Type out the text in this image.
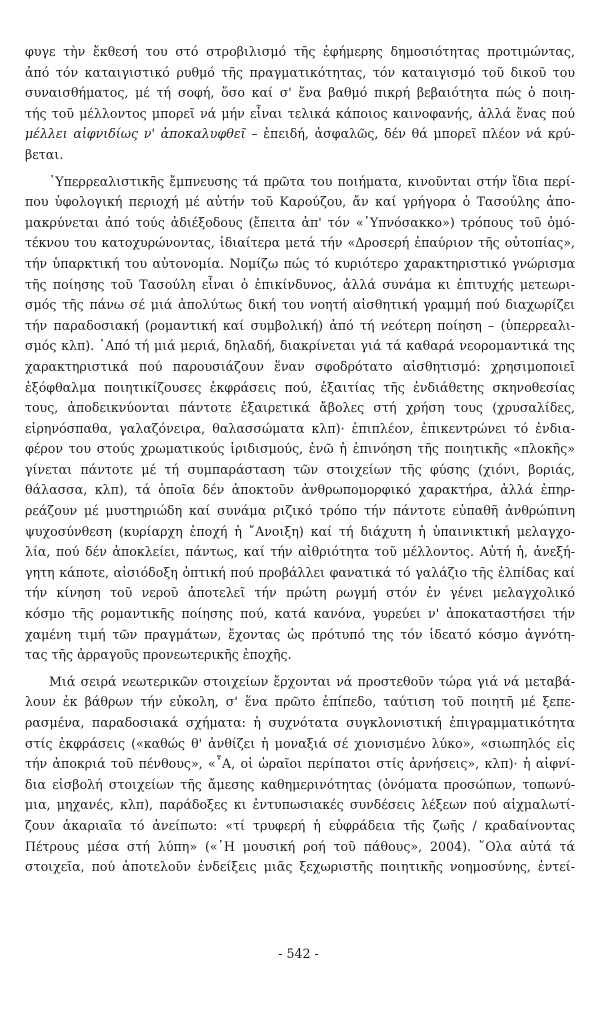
φυγε τὴν ἔκθεσή του στό στροβιλισμό τῆς ἐφήμερης δημοσιότητας προτιμώντας,
ἀπό τόν καταιγιστικό ρυθμό τῆς πραγματικότητας, τόν καταιγισμό τοῦ δικοῦ του
συναισθήματος, μέ τή σοφή, ὅσο καί σ' ἕνα βαθμό πικρή βεβαιότητα πώς ὁ ποιη-
τής τοῦ μέλλοντος μπορεῖ νά μήν εἶναι τελικά κάποιος καινοφανής, ἀλλά ἕνας πού
μέλλει αἰφνιδίως ν' ἀποκαλυφθεῖ – ἐπειδή, ἀσφαλῶς, δέν θά μπορεῖ πλέον νά κρύ-
βεται.
῾Υπερρεαλιστικῆς ἔμπνευσης τά πρῶτα του ποιήματα, κινοῦνται στήν ἴδια περί-
που ὑφολογική περιοχή μέ αὐτήν τοῦ Καρούζου, ἄν καί γρήγορα ὁ Τασούλης ἀπο-
μακρύνεται ἀπό τούς ἀδιέξοδους (ἔπειτα ἀπ' τόν «῾Υπνόσακκο») τρόπους τοῦ ὁμό-
τέκνου του κατοχυρώνοντας, ἰδιαίτερα μετά τήν «Δροσερή ἐπαύριον τῆς οὐτοπίας»,
τήν ὑπαρκτική του αὐτονομία. Νομίζω πώς τό κυριότερο χαρακτηριστικό γνώρισμα
τῆς ποίησης τοῦ Τασούλη εἶναι ὁ ἐπικίνδυνος, ἀλλά συνάμα κι ἐπιτυχής μετεωρι-
σμός τῆς πάνω σέ μιά ἀπολύτως δική του νοητή αἰσθητική γραμμή πού διαχωρίζει
τήν παραδοσιακή (ρομαντική καί συμβολική) ἀπό τή νεότερη ποίηση – (ὑπερρεαλι-
σμός κλπ). ῾Από τή μιά μεριά, δηλαδή, διακρίνεται γιά τά καθαρά νεορομαντικά της
χαρακτηριστικά πού παρουσιάζουν ἕναν σφοδρότατο αἰσθητισμό: χρησιμοποιεῖ
ἐξόφθαλμα ποιητικίζουσες ἐκφράσεις πού, ἐξαιτίας τῆς ἐνδιάθετης σκηνοθεσίας
τους, ἀποδεικνύονται πάντοτε ἐξαιρετικά ἄβολες στή χρήση τους (χρυσαλίδες,
εἰρηνόσπαθα, γαλαζόνειρα, θαλασσώματα κλπ)· ἐπιπλέον, ἐπικεντρώνει τό ἐνδια-
φέρον του στούς χρωματικούς ἰριδισμούς, ἐνῶ ἡ ἐπινόηση τῆς ποιητικῆς «πλοκῆς»
γίνεται πάντοτε μέ τή συμπαράσταση τῶν στοιχείων τῆς φύσης (χιόνι, βοριάς,
θάλασσα, κλπ), τά ὁποῖα δέν ἀποκτοῦν ἀνθρωπομορφικό χαρακτήρα, ἀλλά ἐπηρ-
ρεάζουν μέ μυστηριώδη καί συνάμα ριζικό τρόπο τήν πάντοτε εὐπαθῆ ἀνθρώπινη
ψυχοσύνθεση (κυρίαρχη ἐποχή ἡ ῎Ανοιξη) καί τή διάχυτη ἡ ὑπαινικτική μελαγχο-
λία, πού δέν ἀποκλείει, πάντως, καί τήν αἰθριότητα τοῦ μέλλοντος. Αὐτή ἡ, ἀνεξή-
γητη κάποτε, αἰσιόδοξη ὀπτική πού προβάλλει φανατικά τό γαλάζιο τῆς ἐλπίδας καί
τήν κίνηση τοῦ νεροῦ ἀποτελεῖ τήν πρώτη ρωγμή στόν ἐν γένει μελαγχολικό
κόσμο τῆς ρομαντικῆς ποίησης πού, κατά κανόνα, γυρεύει ν' ἀποκαταστήσει τήν
χαμένη τιμή τῶν πραγμάτων, ἔχοντας ὡς πρότυπό της τόν ἰδεατό κόσμο ἀγνότη-
τας τῆς ἀρραγοῦς προνεωτερικῆς ἐποχῆς.
Μιά σειρά νεωτερικῶν στοιχείων ἔρχονται νά προστεθοῦν τώρα γιά νά μεταβά-
λουν ἐκ βάθρων τήν εὐκολη, σ' ἕνα πρῶτο ἐπίπεδο, ταύτιση τοῦ ποιητῆ μέ ξεπε-
ρασμένα, παραδοσιακά σχήματα: ἡ συχνότατα συγκλονιστική ἐπιγραμματικότητα
στίς ἐκφράσεις («καθώς θ' ἀνθίζει ἡ μοναξιά σέ χιονισμένο λύκο», «σιωπηλός εἰς
τήν ἀποκριά τοῦ πένθους», «῏Α, οἱ ὡραῖοι περίπατοι στίς ἀρνήσεις», κλπ)· ἡ αἰφνί-
δια εἰσβολή στοιχείων τῆς ἄμεσης καθημερινότητας (ὀνόματα προσώπων, τοπωνύ-
μια, μηχανές, κλπ), παράδοξες κι ἐντυπωσιακές συνδέσεις λέξεων πού αἰχμαλωτί-
ζουν ἀκαριαῖα τό ἀνείπωτο: «τί τρυφερή ἡ εὐφράδεια τῆς ζωῆς / κραδαίνοντας
Πέτρους μέσα στή λύπη» («῾Η μουσική ροή τοῦ πάθους», 2004). ῞Ολα αὐτά τά
στοιχεῖα, πού ἀποτελοῦν ἐνδείξεις μιᾶς ξεχωριστῆς ποιητικῆς νοημοσύνης, ἐντεί-
- 542 -
